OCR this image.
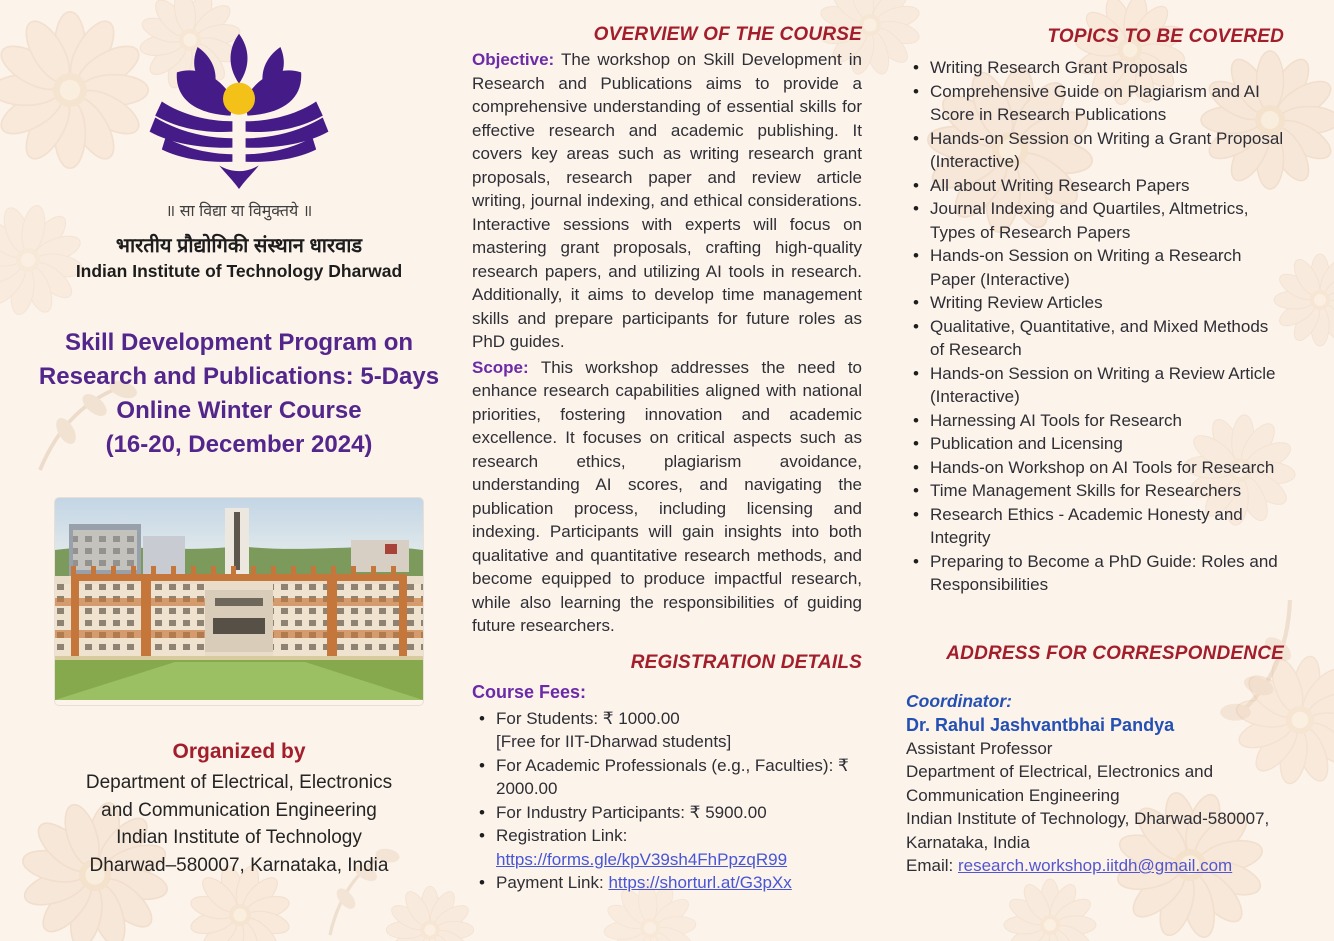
॥ सा विद्या या विमुक्तये ॥
भारतीय प्रौद्योगिकी संस्थान धारवाड
Indian Institute of Technology Dharwad
Skill Development Program on
Research and Publications: 5-Days
Online Winter Course
(16-20, December 2024)
Organized by
Department of Electrical, Electronics
and Communication Engineering
Indian Institute of Technology
Dharwad–580007, Karnataka, India
OVERVIEW OF THE COURSE

Objective: The workshop on Skill Development in Research and Publications aims to provide a comprehensive understanding of essential skills for effective research and academic publishing. It covers key areas such as writing research grant proposals, research paper and review article writing, journal indexing, and ethical considerations. Interactive sessions with experts will focus on mastering grant proposals, crafting high-quality research papers, and utilizing AI tools in research. Additionally, it aims to develop time management skills and prepare participants for future roles as PhD guides.

Scope: This workshop addresses the need to enhance research capabilities aligned with national priorities, fostering innovation and academic excellence. It focuses on critical aspects such as research ethics, plagiarism avoidance, understanding AI scores, and navigating the publication process, including licensing and indexing. Participants will gain insights into both qualitative and quantitative research methods, and become equipped to produce impactful research, while also learning the responsibilities of guiding future researchers.

REGISTRATION DETAILS
Course Fees:
• For Students: ₹ 1000.00
[Free for IIT-Dharwad students]
• For Academic Professionals (e.g., Faculties): ₹ 2000.00
• For Industry Participants: ₹ 5900.00
• Registration Link:
https://forms.gle/kpV39sh4FhPpzqR99
• Payment Link: https://shorturl.at/G3pXx
TOPICS TO BE COVERED
• Writing Research Grant Proposals
• Comprehensive Guide on Plagiarism and AI Score in Research Publications
• Hands-on Session on Writing a Grant Proposal (Interactive)
• All about Writing Research Papers
• Journal Indexing and Quartiles, Altmetrics, Types of Research Papers
• Hands-on Session on Writing a Research Paper (Interactive)
• Writing Review Articles
• Qualitative, Quantitative, and Mixed Methods of Research
• Hands-on Session on Writing a Review Article (Interactive)
• Harnessing AI Tools for Research
• Publication and Licensing
• Hands-on Workshop on AI Tools for Research
• Time Management Skills for Researchers
• Research Ethics - Academic Honesty and Integrity
• Preparing to Become a PhD Guide: Roles and Responsibilities
ADDRESS FOR CORRESPONDENCE
Coordinator:
Dr. Rahul Jashvantbhai Pandya
Assistant Professor
Department of Electrical, Electronics and Communication Engineering
Indian Institute of Technology, Dharwad-580007, Karnataka, India
Email: research.workshop.iitdh@gmail.com
